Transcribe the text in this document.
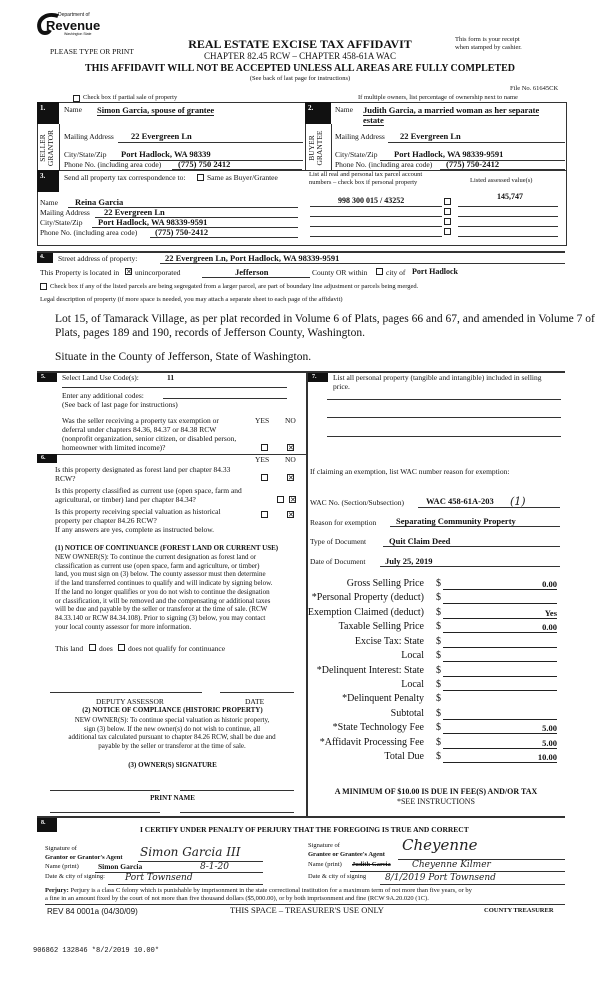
Department of
Revenue
Washington State
PLEASE TYPE OR PRINT
REAL ESTATE EXCISE TAX AFFIDAVIT
CHAPTER 82.45 RCW – CHAPTER 458-61A WAC
THIS AFFIDAVIT WILL NOT BE ACCEPTED UNLESS ALL AREAS ARE FULLY COMPLETED
(See back of last page for instructions)
This form is your receipt
when stamped by cashier.
File No. 61645CK
Check box if partial sale of property	If multiple owners, list percentage of ownership next to name
1.
SELLER
GRANTOR
Name Simon Garcia, spouse of grantee
Mailing Address 22 Evergreen Ln
City/State/Zip Port Hadlock, WA 98339
Phone No. (including area code) (775) 750 2412
2.
BUYER
GRANTEE
Name Judith Garcia, a married woman as her separate
estate
Mailing Address 22 Evergreen Ln
City/State/Zip Port Hadlock, WA 98339-9591
Phone No. (including area code) (775) 750-2412
3.	Send all property tax correspondence to:	Same as Buyer/Grantee
Name Reina Garcia
Mailing Address 22 Evergreen Ln
City/State/Zip Port Hadlock, WA 98339-9591
Phone No. (including area code) (775) 750-2412
List all real and personal tax parcel account
numbers – check box if personal property	Listed assessed value(s)
998 300 015 / 43252	145,747
4.	Street address of property:	22 Evergreen Ln, Port Hadlock, WA 98339-9591
This Property is located in ✕ unincorporated	Jefferson	County OR within city of Port Hadlock
Check box if any of the listed parcels are being segregated from a larger parcel, are part of boundary line adjustment or parcels being merged.
Legal description of property (if more space is needed, you may attach a separate sheet to each page of the affidavit)
Lot 15, of Tamarack Village, as per plat recorded in Volume 6 of Plats, pages 66 and 67, and amended in Volume 7 of
Plats, pages 189 and 190, records of Jefferson County, Washington.
Situate in the County of Jefferson, State of Washington.
5.	Select Land Use Code(s):	11
Enter any additional codes:
(See back of last page for instructions)
YES NO
Was the seller receiving a property tax exemption or
deferral under chapters 84.36, 84.37 or 84.38 RCW
(nonprofit organization, senior citizen, or disabled person,
homeowner with limited income)?	✕
6.	YES NO
Is this property designated as forest land per chapter 84.33
RCW?	✕
Is this property classified as current use (open space, farm and
agricultural, or timber) land per chapter 84.34?	✕
Is this property receiving special valuation as historical
property per chapter 84.26 RCW?
✕
If any answers are yes, complete as instructed below.
(1) NOTICE OF CONTINUANCE (FOREST LAND OR CURRENT USE)
NEW OWNER(S): To continue the current designation as forest land or
classification as current use (open space, farm and agriculture, or timber)
land, you must sign on (3) below. The county assessor must then determine
if the land transferred continues to qualify and will indicate by signing below.
If the land no longer qualifies or you do not wish to continue the designation
or classification, it will be removed and the compensating or additional taxes
will be due and payable by the seller or transferor at the time of sale. (RCW
84.33.140 or RCW 84.34.108). Prior to signing (3) below, you may contact
your local county assessor for more information.
This land does does not qualify for continuance
DEPUTY ASSESSOR	DATE
(2) NOTICE OF COMPLIANCE (HISTORIC PROPERTY)
NEW OWNER(S): To continue special valuation as historic property,
sign (3) below. If the new owner(s) do not wish to continue, all
additional tax calculated pursuant to chapter 84.26 RCW, shall be due and
payable by the seller or transferor at the time of sale.
(3) OWNER(S) SIGNATURE
PRINT NAME
7.	List all personal property (tangible and intangible) included in selling
price.
If claiming an exemption, list WAC number reason for exemption:
WAC No. (Section/Subsection)	WAC 458-61A-203 (1)
Reason for exemption Separating Community Property
Type of Document	Quit Claim Deed
Date of Document July 25, 2019
Gross Selling Price $	0.00
*Personal Property (deduct) $
Exemption Claimed (deduct) $	Yes
Taxable Selling Price $	0.00
Excise Tax: State $
Local $
*Delinquent Interest: State $
Local $
*Delinquent Penalty $
Subtotal $
*State Technology Fee $	5.00
*Affidavit Processing Fee $	5.00
Total Due $	10.00
A MINIMUM OF $10.00 IS DUE IN FEE(S) AND/OR TAX
*SEE INSTRUCTIONS
8.
I CERTIFY UNDER PENALTY OF PERJURY THAT THE FOREGOING IS TRUE AND CORRECT
Signature of
Grantor or Grantor's Agent Simon Garcia III
Name (print)	Simon Garcia	8-1-20
Date & city of signing: Port Townsend
Signature of
Grantee or Grantee's Agent
Cheyenne
Name (print) Judith Garcia Cheyenne Kilmer
Date & city of signing 8/1/2019 Port Townsend
Perjury: Perjury is a class C felony which is punishable by imprisonment in the state correctional institution for a maximum term of not more than five years, or by
a fine in an amount fixed by the court of not more than five thousand dollars ($5,000.00), or by both imprisonment and fine (RCW 9A.20.020 (1C).
REV 84 0001a (04/30/09)	THIS SPACE – TREASURER'S USE ONLY	COUNTY TREASURER
906862 132846 *8/2/2019 10.00*
